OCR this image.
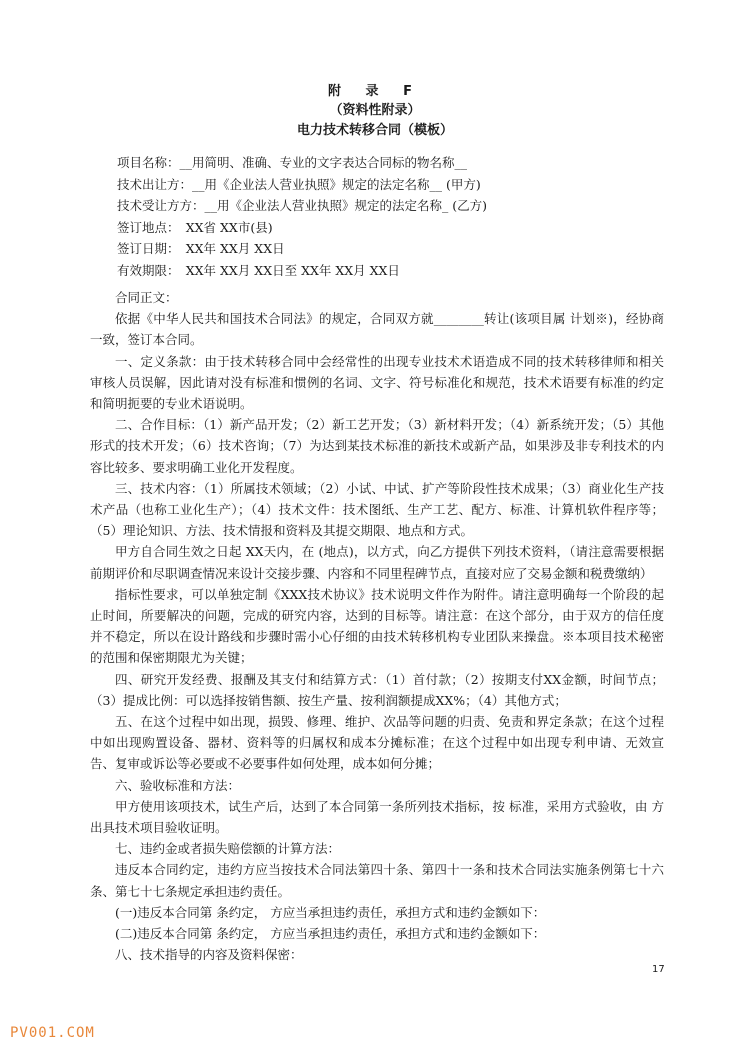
附 录 F
（资料性附录）
电力技术转移合同（模板）
项目名称：__用简明、准确、专业的文字表达合同标的物名称__
技术出让方：__用《企业法人营业执照》规定的法定名称__ (甲方)
技术受让方方：__用《企业法人营业执照》规定的法定名称_ (乙方)
签订地点：　XX省 XX市(县)
签订日期：　XX年 XX月 XX日
有效期限：　XX年 XX月 XX日至 XX年 XX月 XX日

合同正文：

依据《中华人民共和国技术合同法》的规定，合同双方就________转让(该项目属 计划※)，经协商一致，签订本合同。

一、定义条款：由于技术转移合同中会经常性的出现专业技术术语造成不同的技术转移律师和相关审核人员误解，因此请对没有标准和惯例的名词、文字、符号标准化和规范，技术术语要有标准的约定和简明扼要的专业术语说明。

二、合作目标：（1）新产品开发；（2）新工艺开发；（3）新材料开发；（4）新系统开发；（5）其他形式的技术开发；（6）技术咨询；（7）为达到某技术标准的新技术或新产品，如果涉及非专利技术的内容比较多、要求明确工业化开发程度。

三、技术内容：（1）所属技术领域；（2）小试、中试、扩产等阶段性技术成果；（3）商业化生产技术产品（也称工业化生产）；（4）技术文件：技术图纸、生产工艺、配方、标准、计算机软件程序等；（5）理论知识、方法、技术情报和资料及其提交期限、地点和方式。

甲方自合同生效之日起 XX天内，在 (地点)，以方式，向乙方提供下列技术资料，（请注意需要根据前期评价和尽职调查情况来设计交接步骤、内容和不同里程碑节点，直接对应了交易金额和税费缴纳）

指标性要求，可以单独定制《XXX技术协议》技术说明文件作为附件。请注意明确每一个阶段的起止时间，所要解决的问题，完成的研究内容，达到的目标等。请注意：在这个部分，由于双方的信任度并不稳定，所以在设计路线和步骤时需小心仔细的由技术转移机构专业团队来操盘。※本项目技术秘密的范围和保密期限尤为关键；

四、研究开发经费、报酬及其支付和结算方式：（1）首付款；（2）按期支付XX金额，时间节点；（3）提成比例：可以选择按销售额、按生产量、按利润额提成XX%；（4）其他方式；

五、在这个过程中如出现，损毁、修理、维护、次品等问题的归责、免责和界定条款；在这个过程中如出现购置设备、器材、资料等的归属权和成本分摊标准；在这个过程中如出现专利申请、无效宣告、复审或诉讼等必要或不必要事件如何处理，成本如何分摊；

六、验收标准和方法：

甲方使用该项技术，试生产后，达到了本合同第一条所列技术指标，按 标准，采用方式验收，由 方出具技术项目验收证明。

七、违约金或者损失赔偿额的计算方法：

违反本合同约定，违约方应当按技术合同法第四十条、第四十一条和技术合同法实施条例第七十六条、第七十七条规定承担违约责任。

(一)违反本合同第 条约定， 方应当承担违约责任，承担方式和违约金额如下：

(二)违反本合同第 条约定， 方应当承担违约责任，承担方式和违约金额如下：

八、技术指导的内容及资料保密：

17
PV001.COM
